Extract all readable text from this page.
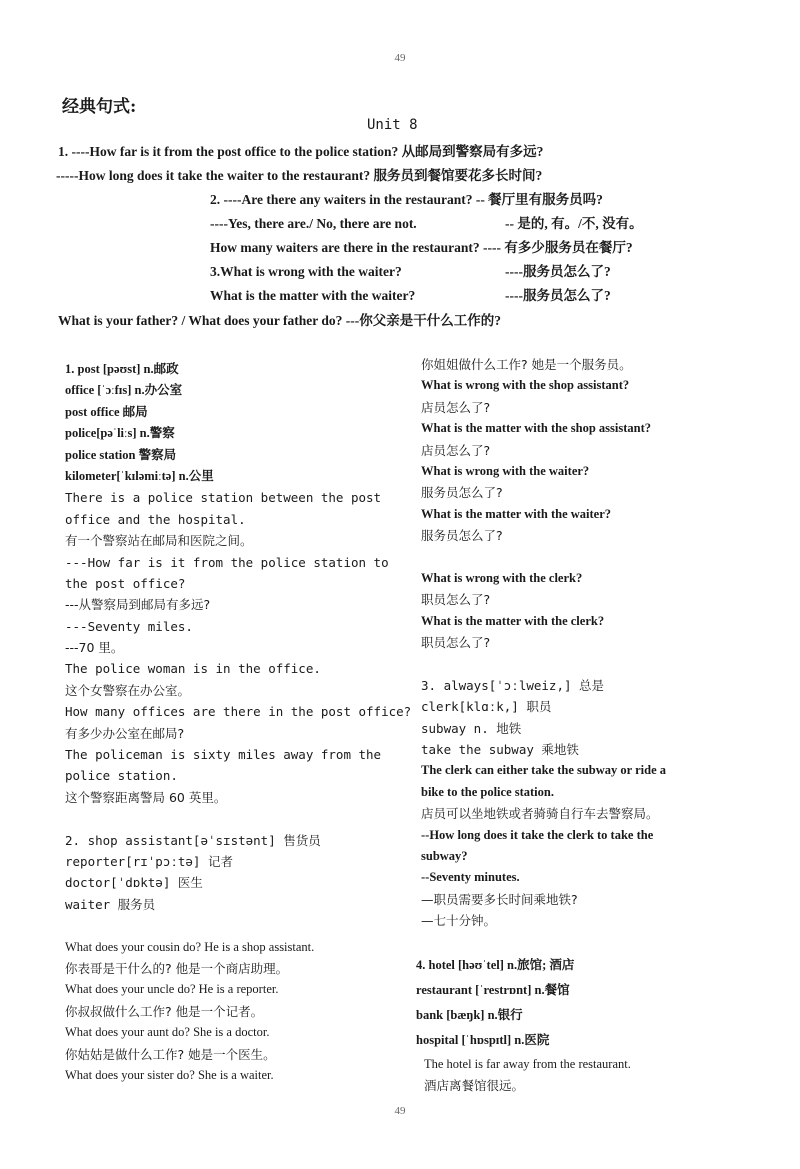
49
经典句式:
Unit 8
1. ----How far is it from the post office to the police station? 从邮局到警察局有多远?
-----How long does it take the waiter to the restaurant? 服务员到餐馆要花多长时间?
2. ----Are there any waiters in the restaurant? -- 餐厅里有服务员吗?
----Yes, there are./ No, there are not.	-- 是的, 有。/不, 没有。
How many waiters are there in the restaurant? ---- 有多少服务员在餐厅?
3.What is wrong with the waiter?	----服务员怎么了?
What is the matter with the waiter?	----服务员怎么了?
What is your father? / What does your father do? ---你父亲是干什么工作的?
1. post [pəʊst] n.邮政
office [ˈɔːfɪs] n.办公室
post office 邮局
police[pəˈliːs] n.警察
police station 警察局
kilometer[ˈkɪləmiːtə] n.公里
There is a police station between the post
office and the hospital.
有一个警察站在邮局和医院之间。
---How far is it from the police station to
the post office?
---从警察局到邮局有多远?
---Seventy miles.
---70 里。
The police woman is in the office.
这个女警察在办公室。
How many offices are there in the post office?
有多少办公室在邮局?
The policeman is sixty miles away from the
police station.
这个警察距离警局 60 英里。
2. shop assistant[əˈsɪstənt] 售货员
reporter[rɪˈpɔːtə] 记者
doctor[ˈdɒktə] 医生
waiter 服务员
What does your cousin do? He is a shop assistant.
你表哥是干什么的? 他是一个商店助理。
What does your uncle do? He is a reporter.
你叔叔做什么工作? 他是一个记者。
What does your aunt do? She is a doctor.
你姑姑是做什么工作? 她是一个医生。
What does your sister do? She is a waiter.
你姐姐做什么工作? 她是一个服务员。
What is wrong with the shop assistant?
店员怎么了?
What is the matter with the shop assistant?
店员怎么了?
What is wrong with the waiter?
服务员怎么了?
What is the matter with the waiter?
服务员怎么了?
What is wrong with the clerk?
职员怎么了?
What is the matter with the clerk?
职员怎么了?
3. always[ˈɔːlweiz,] 总是
clerk[klɑːk,] 职员
subway n. 地铁
take the subway 乘地铁
The clerk can either take the subway or ride a
bike to the police station.
店员可以坐地铁或者骑骑自行车去警察局。
--How long does it take the clerk to take the
subway?
--Seventy minutes.
—职员需要多长时间乘地铁?
—七十分钟。
4. hotel [həʊˈtel] n.旅馆; 酒店
restaurant [ˈrestrɒnt] n.餐馆
bank [bæŋk] n.银行
hospital [ˈhɒspɪtl] n.医院
The hotel is far away from the restaurant.
酒店离餐馆很远。
49
